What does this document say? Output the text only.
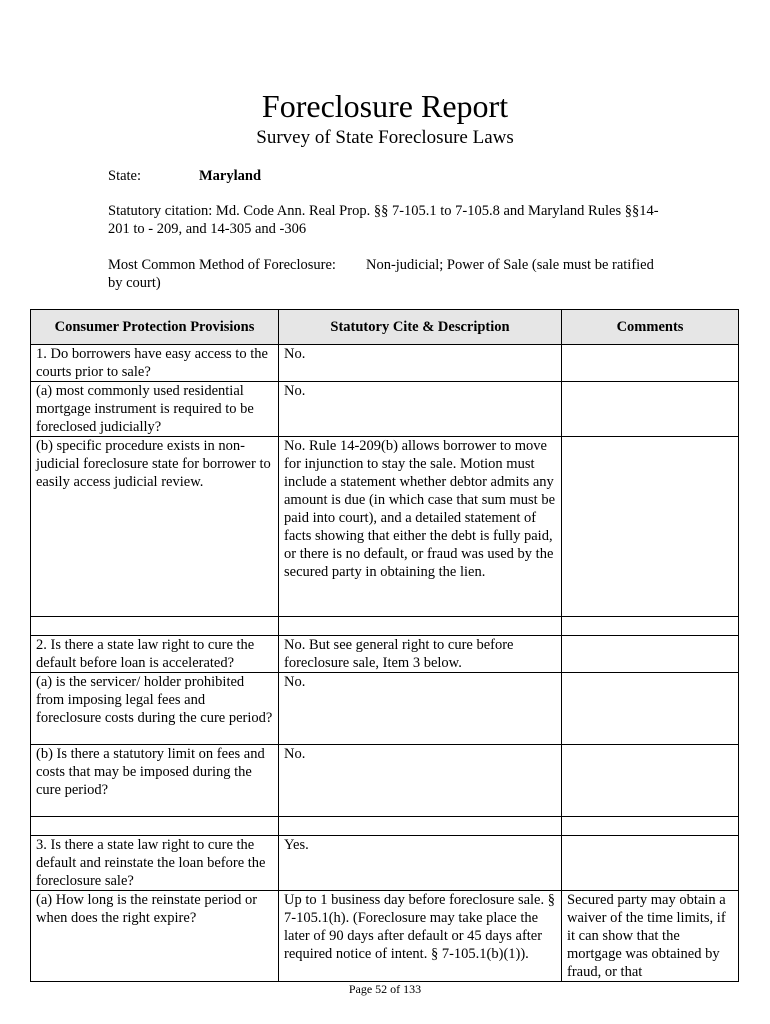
Foreclosure Report
Survey of State Foreclosure Laws
State:	Maryland
Statutory citation: Md. Code Ann. Real Prop. §§ 7-105.1 to 7-105.8 and Maryland Rules §§14-201 to - 209, and 14-305 and -306
Most Common Method of Foreclosure: Non-judicial; Power of Sale (sale must be ratified by court)
Consumer Protection Provisions	Statutory Cite & Description	Comments
1. Do borrowers have easy access to the courts prior to sale?	No.	
(a) most commonly used residential mortgage instrument is required to be foreclosed judicially?	No.	
(b) specific procedure exists in non-judicial foreclosure state for borrower to easily access judicial review.	No. Rule 14-209(b) allows borrower to move for injunction to stay the sale. Motion must include a statement whether debtor admits any amount is due (in which case that sum must be paid into court), and a detailed statement of facts showing that either the debt is fully paid, or there is no default, or fraud was used by the secured party in obtaining the lien.	

2. Is there a state law right to cure the default before loan is accelerated?	No. But see general right to cure before foreclosure sale, Item 3 below.	
(a) is the servicer/ holder prohibited from imposing legal fees and foreclosure costs during the cure period?	No.	
(b) Is there a statutory limit on fees and costs that may be imposed during the cure period?	No.	

3. Is there a state law right to cure the default and reinstate the loan before the foreclosure sale?	Yes.	
(a) How long is the reinstate period or when does the right expire?	Up to 1 business day before foreclosure sale. § 7-105.1(h). (Foreclosure may take place the later of 90 days after default or 45 days after required notice of intent. § 7-105.1(b)(1)).	Secured party may obtain a waiver of the time limits, if it can show that the mortgage was obtained by fraud, or that
Page 52 of 133
